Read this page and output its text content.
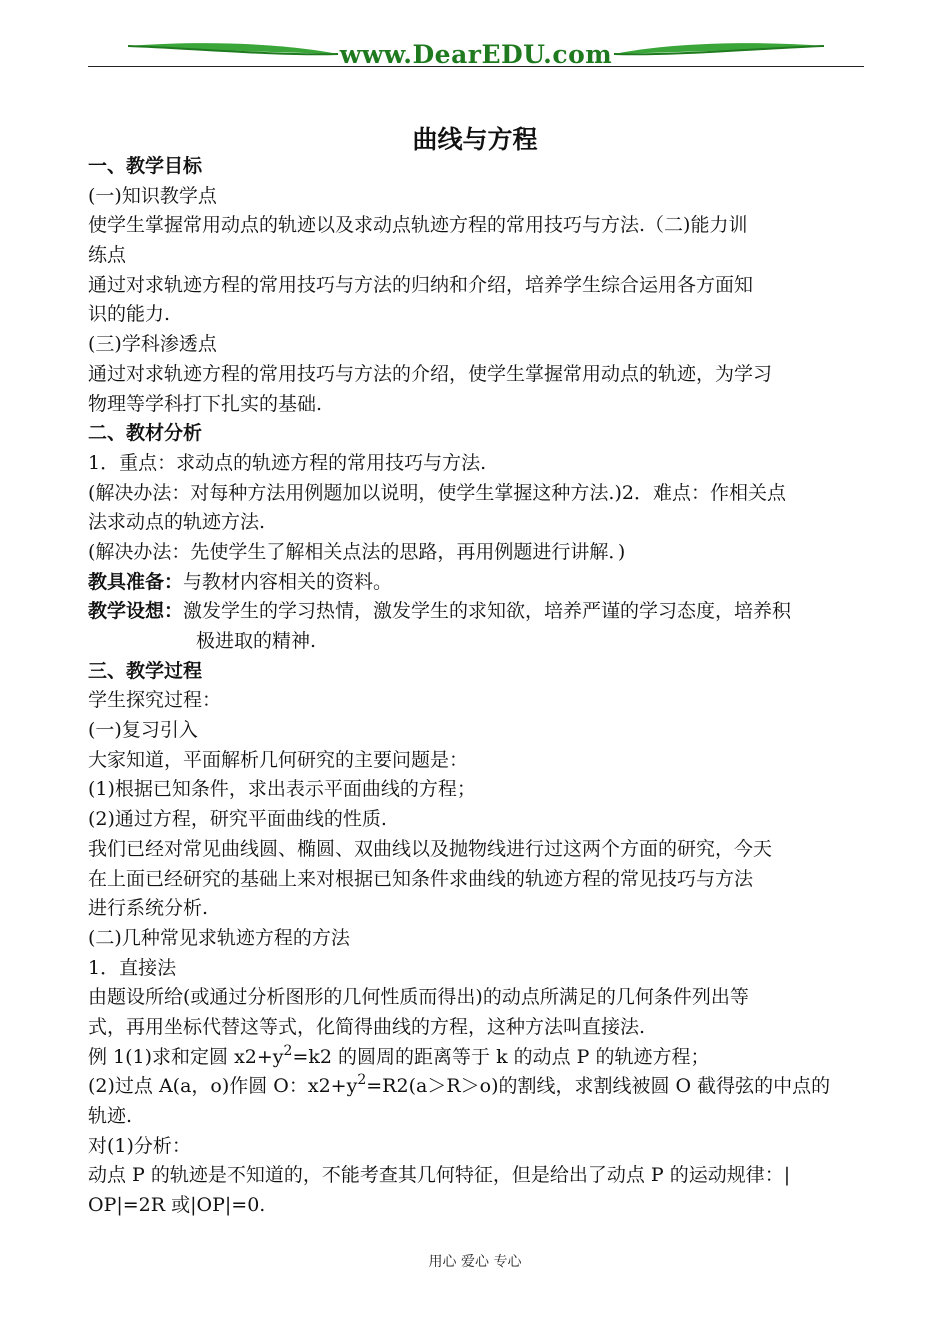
www.DearEDU.com
曲线与方程
一、教学目标
(一)知识教学点
使学生掌握常用动点的轨迹以及求动点轨迹方程的常用技巧与方法.（二)能力训
练点
通过对求轨迹方程的常用技巧与方法的归纳和介绍，培养学生综合运用各方面知
识的能力.
(三)学科渗透点
通过对求轨迹方程的常用技巧与方法的介绍，使学生掌握常用动点的轨迹，为学习
物理等学科打下扎实的基础.
二、教材分析
1．重点：求动点的轨迹方程的常用技巧与方法.
(解决办法：对每种方法用例题加以说明，使学生掌握这种方法.)2．难点：作相关点
法求动点的轨迹方法.
(解决办法：先使学生了解相关点法的思路，再用例题进行讲解．)
教具准备：与教材内容相关的资料。
教学设想：激发学生的学习热情，激发学生的求知欲，培养严谨的学习态度，培养积
极进取的精神.
三、教学过程
学生探究过程：
(一)复习引入
大家知道，平面解析几何研究的主要问题是：
(1)根据已知条件，求出表示平面曲线的方程；
(2)通过方程，研究平面曲线的性质.
我们已经对常见曲线圆、椭圆、双曲线以及抛物线进行过这两个方面的研究，今天
在上面已经研究的基础上来对根据已知条件求曲线的轨迹方程的常见技巧与方法
进行系统分析.
(二)几种常见求轨迹方程的方法
1．直接法
由题设所给(或通过分析图形的几何性质而得出)的动点所满足的几何条件列出等
式，再用坐标代替这等式，化简得曲线的方程，这种方法叫直接法.
例 1(1)求和定圆 $x2+y^2=k2$ 的圆周的距离等于 k 的动点 P 的轨迹方程；
(2)过点 A(a，o)作圆 O：$x2+y^2=R2(a>R>o)$的割线，求割线被圆 O 截得弦的中点的
轨迹.
对(1)分析：
动点 P 的轨迹是不知道的，不能考查其几何特征，但是给出了动点 P 的运动规律：|
OP|=2R 或|OP|=0.
用心 爱心 专心
